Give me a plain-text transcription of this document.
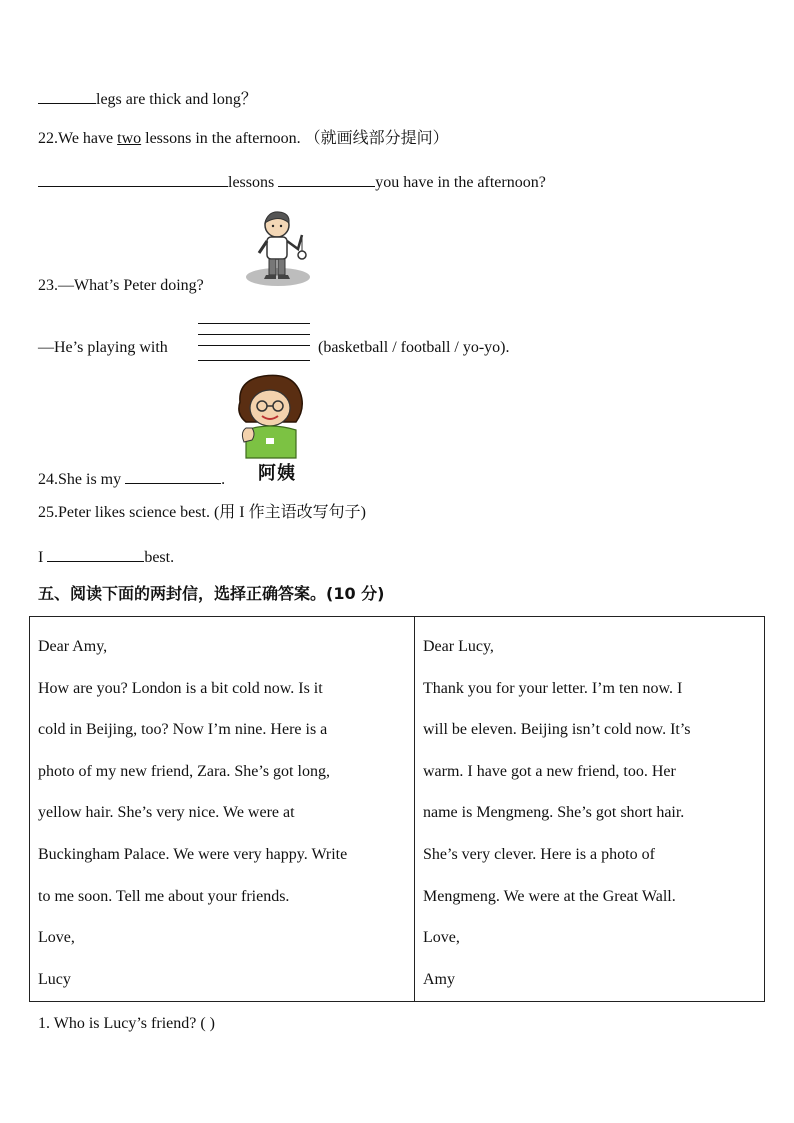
legs are thick and long？
22.We have two lessons in the afternoon. （就画线部分提问）
lessons	you have in the afternoon?
23.—What’s Peter doing?
—He’s playing with	(basketball / football / yo-yo).
阿姨
24.She is my	.
25.Peter likes science best. (用 I 作主语改写句子)
I	best.
五、阅读下面的两封信，选择正确答案。(10 分)
Dear Amy,
How are you? London is a bit cold now. Is it
cold in Beijing, too? Now I’m nine. Here is a
photo of my new friend, Zara. She’s got long,
yellow hair. She’s very nice. We were at
Buckingham Palace. We were very happy. Write
to me soon. Tell me about your friends.
Love,
Lucy

Dear Lucy,
Thank you for your letter. I’m ten now. I
will be eleven. Beijing isn’t cold now. It’s
warm. I have got a new friend, too. Her
name is Mengmeng. She’s got short hair.
She’s very clever. Here is a photo of
Mengmeng. We were at the Great Wall.
Love,
Amy
1. Who is Lucy’s friend? ( )
